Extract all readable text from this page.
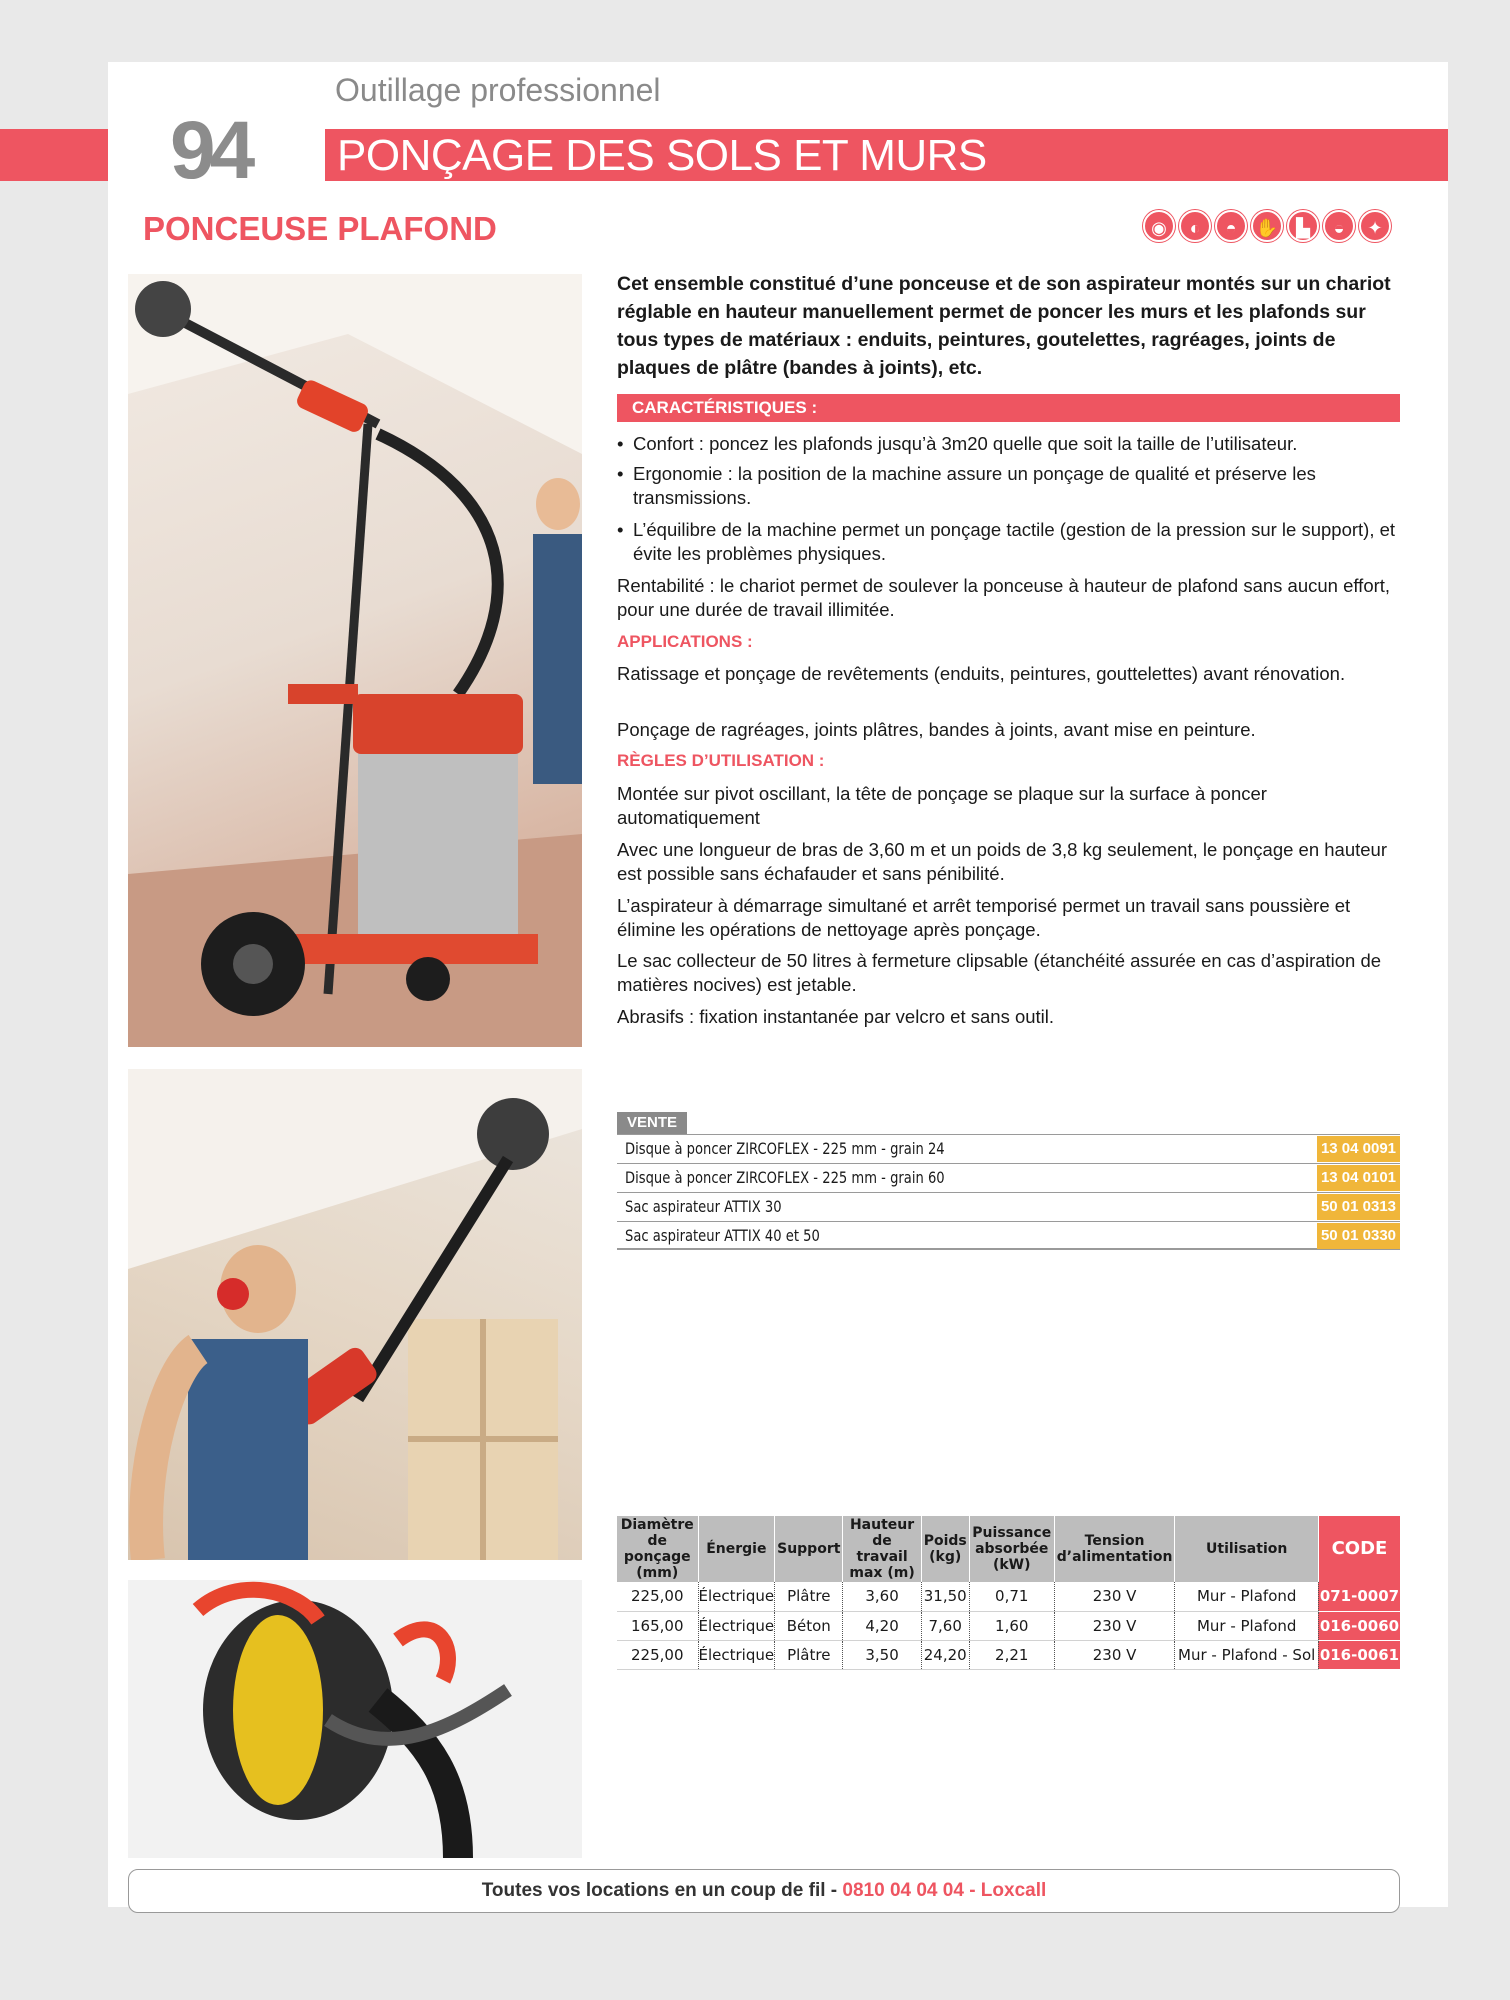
Outillage professionnel
94 PONÇAGE DES SOLS ET MURS
PONCEUSE PLAFOND	◉	◐	◓	✋ ▙	◒	✦
Cet ensemble constitué d’une ponceuse et de son aspirateur montés sur un chariot réglable en hauteur manuellement permet de poncer les murs et les plafonds sur tous types de matériaux : enduits, peintures, goutelettes, ragréages, joints de plaques de plâtre (bandes à joints), etc.
CARACTÉRISTIQUES :
• Confort : poncez les plafonds jusqu’à 3m20 quelle que soit la taille de l’utilisateur.
• Ergonomie : la position de la machine assure un ponçage de qualité et préserve les transmissions.
• L’équilibre de la machine permet un ponçage tactile (gestion de la pression sur le support), et évite les problèmes physiques.
Rentabilité : le chariot permet de soulever la ponceuse à hauteur de plafond sans aucun effort, pour une durée de travail illimitée.
APPLICATIONS :
Ratissage et ponçage de revêtements (enduits, peintures, gouttelettes) avant rénovation.
Ponçage de ragréages, joints plâtres, bandes à joints, avant mise en peinture.
RÈGLES D’UTILISATION :
Montée sur pivot oscillant, la tête de ponçage se plaque sur la surface à poncer automatiquement
Avec une longueur de bras de 3,60 m et un poids de 3,8 kg seulement, le ponçage en hauteur est possible sans échafauder et sans pénibilité.
L’aspirateur à démarrage simultané et arrêt temporisé permet un travail sans poussière et élimine les opérations de nettoyage après ponçage.
Le sac collecteur de 50 litres à fermeture clipsable (étanchéité assurée en cas d’aspiration de matières nocives) est jetable.
Abrasifs : fixation instantanée par velcro et sans outil.
VENTE
Disque à poncer ZIRCOFLEX - 225 mm - grain 24	13 04 0091
Disque à poncer ZIRCOFLEX - 225 mm - grain 60	13 04 0101
Sac aspirateur ATTIX 30	50 01 0313
Sac aspirateur ATTIX 40 et 50	50 01 0330
Diamètre de ponçage (mm)	Énergie	Support	Hauteur de travail max (m)	Poids (kg)	Puissance absorbée (kW)	Tension d’alimentation	Utilisation	CODE
225,00	Électrique	Plâtre	3,60	31,50	0,71	230 V	Mur - Plafond	071-0007
165,00	Électrique	Béton	4,20	7,60	1,60	230 V	Mur - Plafond	016-0060
225,00	Électrique	Plâtre	3,50	24,20	2,21	230 V	Mur - Plafond - Sol	016-0061
Toutes vos locations en un coup de fil - 0810 04 04 04 - Loxcall
